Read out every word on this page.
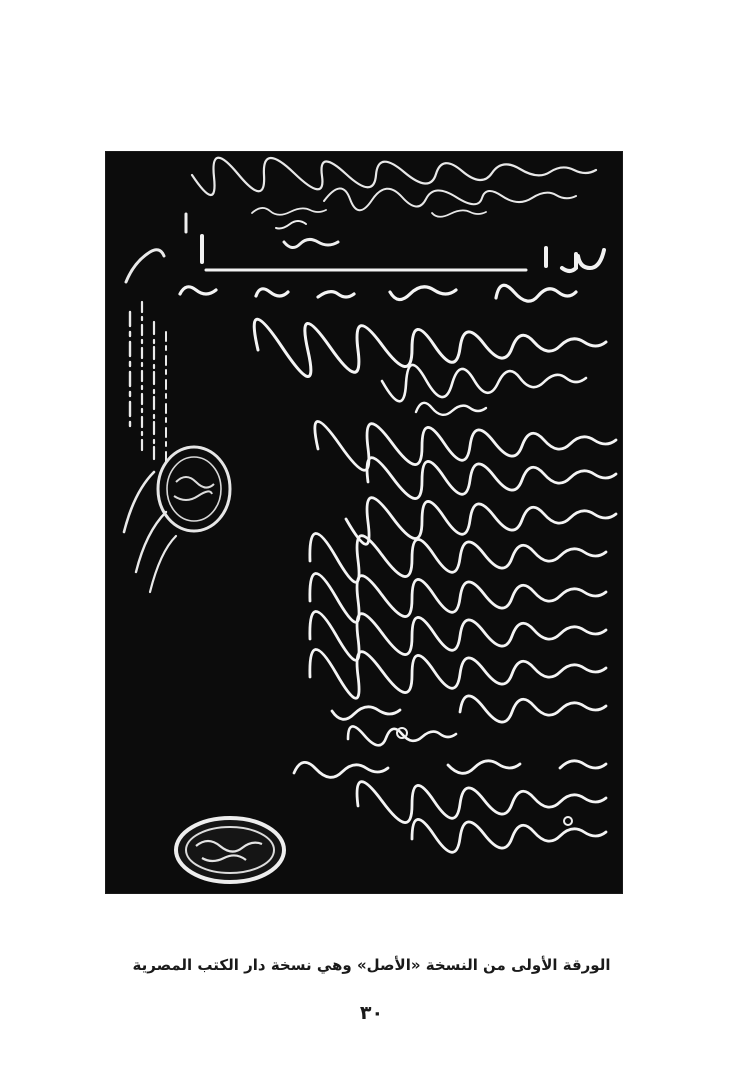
الورقة الأولى من النسخة «الأصل» وهي نسخة دار الكتب المصرية
٣٠
